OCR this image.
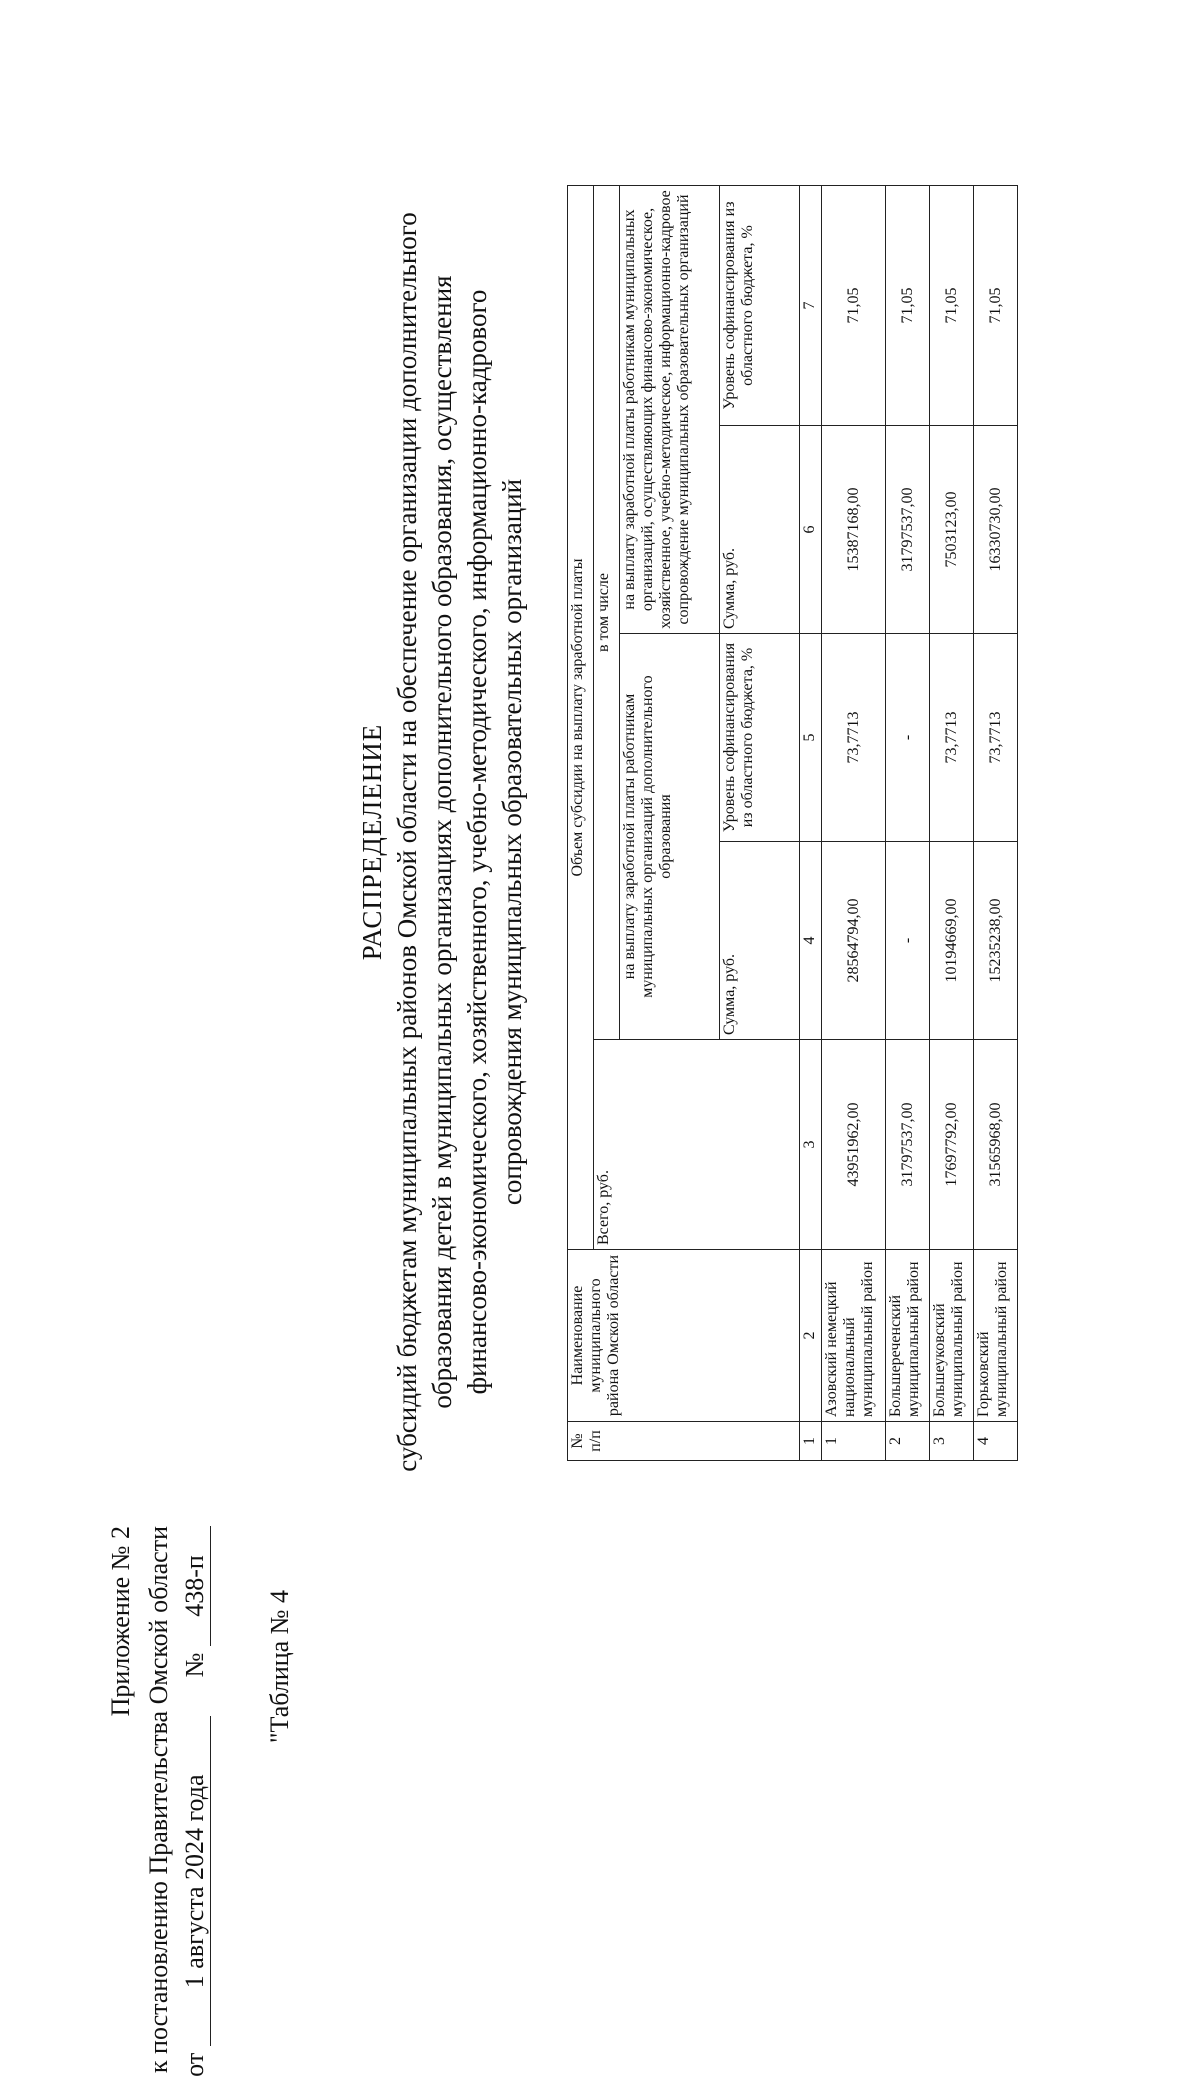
Приложение № 2 к постановлению Правительства Омской области от 1 августа 2024 года      № 438-п
"Таблица № 4
РАСПРЕДЕЛЕНИЕ субсидий бюджетам муниципальных районов Омской области на обеспечение организации дополнительного образования детей в муниципальных организациях дополнительного образования, осуществления финансово-экономического, хозяйственного, учебно-методического, информационно-кадрового сопровождения муниципальных образовательных организаций
№ п/п	Наименование муниципального района Омской области	Объем субсидии на выплату заработной платы				
		Всего, руб.	в том числе			
			на выплату заработной платы работникам муниципальных организаций дополнительного образования		на выплату заработной платы работникам муниципальных организаций, осуществляющих финансово-экономическое, хозяйственное, учебно-методическое, информационно-кадровое сопровождение муниципальных образовательных организаций	
			Сумма, руб.	Уровень софинансирования из областного бюджета, %	Сумма, руб.	Уровень софинансирования из областного бюджета, %
1	2	3	4	5	6	7
1	Азовский немецкий национальный муниципальный район	43951962,00	28564794,00	73,7713	15387168,00	71,05
2	Большереченский муниципальный район	31797537,00	-	-	31797537,00	71,05
3	Большеуковский муниципальный район	17697792,00	10194669,00	73,7713	7503123,00	71,05
4	Горьковский муниципальный район	31565968,00	15235238,00	73,7713	16330730,00	71,05
